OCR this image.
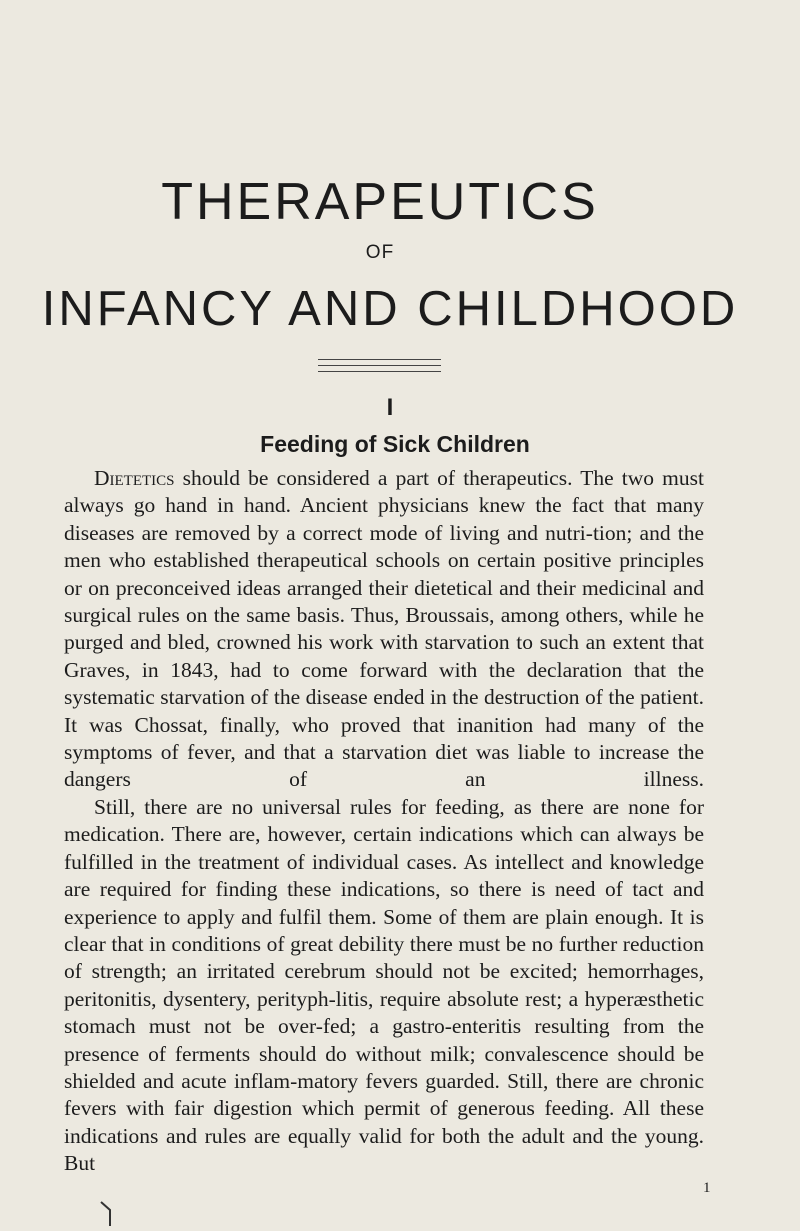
THERAPEUTICS
OF
INFANCY AND CHILDHOOD
I
Feeding of Sick Children

Dietetics should be considered a part of therapeutics. The two must always go hand in hand. Ancient physicians knew the fact that many diseases are removed by a correct mode of living and nutri-tion; and the men who established therapeutical schools on certain positive principles or on preconceived ideas arranged their dietetical and their medicinal and surgical rules on the same basis. Thus, Broussais, among others, while he purged and bled, crowned his work with starvation to such an extent that Graves, in 1843, had to come forward with the declaration that the systematic starvation of the disease ended in the destruction of the patient. It was Chossat, finally, who proved that inanition had many of the symptoms of fever, and that a starvation diet was liable to increase the dangers of an illness.

Still, there are no universal rules for feeding, as there are none for medication. There are, however, certain indications which can always be fulfilled in the treatment of individual cases. As intellect and knowledge are required for finding these indications, so there is need of tact and experience to apply and fulfil them. Some of them are plain enough. It is clear that in conditions of great debility there must be no further reduction of strength; an irritated cerebrum should not be excited; hemorrhages, peritonitis, dysentery, perityph-litis, require absolute rest; a hyperæsthetic stomach must not be over-fed; a gastro-enteritis resulting from the presence of ferments should do without milk; convalescence should be shielded and acute inflam-matory fevers guarded. Still, there are chronic fevers with fair digestion which permit of generous feeding. All these indications and rules are equally valid for both the adult and the young. But

1
